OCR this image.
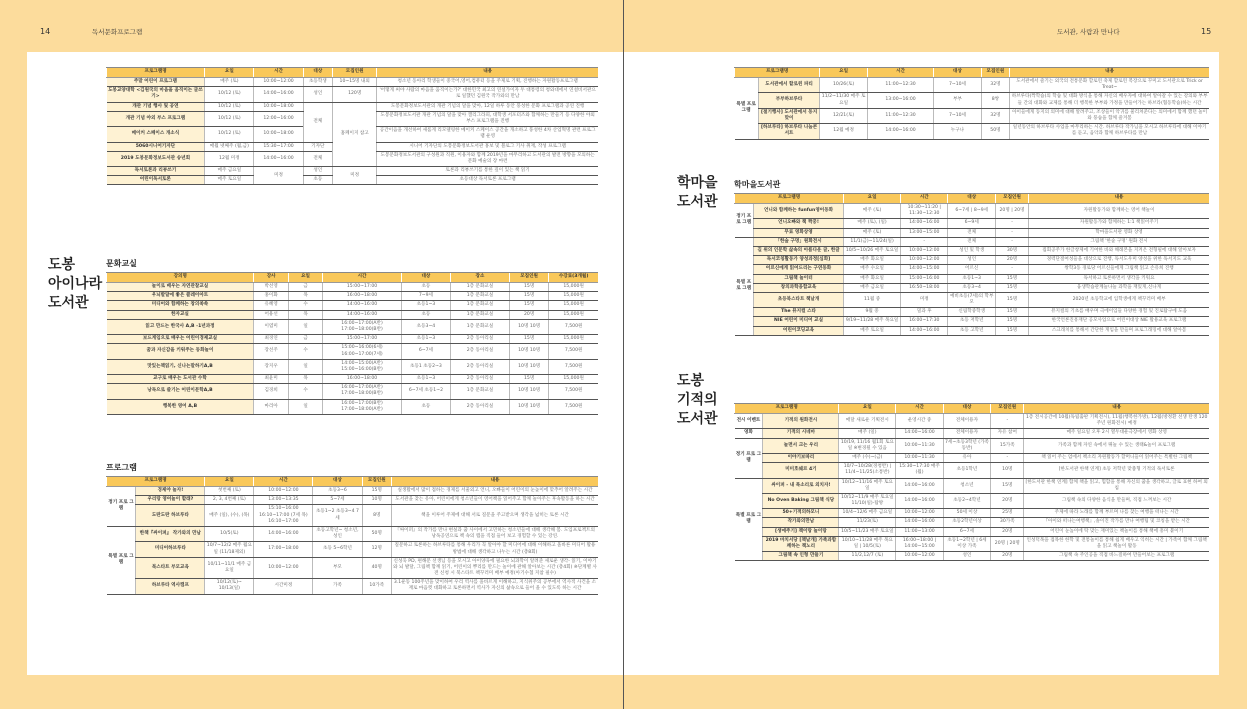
14	독서문화프로그램
프로그램명	요일	시간	대상	모집인원	내용
주말 어린이 프로그램	매주 (토)	10:00~12:00	초등학생	10~15명 내외	청소년 동아리 학생들이 중국어,영어,컴퓨터 등을 주제로 기획, 진행하는 자원활동프로그램
도봉교양대학 <김원국의 마음을 움직이는 글쓰기>	10/12 (토)	14:00~16:00	성인	120명	'어떻게 써야 사람의 마음을 움직이는가?' 대한민국 최고의 연설가이자 두 대통령의 청와대에서 연설비서관으로 일했던 김원국 작가와의 만남
개관 기념 행사 및 공연	10/12 (토)	10:00~18:00	전체	홈페이지 참고	도봉문화정보도서관의 개관 기념의 달을 맞아, 12일 하루 동안 풍성한 문화 프로그램과 공연 진행
개관 기념 야외 부스 프로그램	10/12 (토)	12:00~16:00			도봉문화정보도서관 개관 기념의 달을 맞아 캘리그라피, 대학생 서포터즈와 함께하는 만들기 등 다양한 야외 부스 프로그램을 진행
메이커 스페이스 개소식	10/12 (토)	10:00~18:00			공간이음을 개선하여 새롭게 리모델링한 메이커 스페이스 공간을 개소하고 풍성한 4차 산업혁명 관련 프로그램 운영
5060시니어기자단	매월 넷째주 (월,금)	15:30~17:00	기자단		시니어 기자단의 도봉문화정보도서관 홍보 및 블로그 기사 취재, 작성 프로그램
2019 도봉문화정보도서관 송년회	12월 미정	14:00~16:00	전체		도봉문화정보도서관의 구성원과 직원, 이용자와 함께 2019년을 마무리하고 도서관의 발전 방향을 모의하는 문화 예술의 장 마련
독서토론과 리뷰쓰기	매주 금요일	미정	성인	미정	토론과 리뷰쓰기를 통한 깊이 있는 책 읽기
어린이독서토론	매주 토요일		초등		초등대상 독서토론 프로그램
도봉
아이나라
도서관
문화교실
강의명	강사	요일	시간	대상	장소	모집인원	수강료(3개월)
놀이로 배우는 자연관찰교실	박선영	금	15:00~17:00	초등	1층 문화교실	15명	15,000원
우뇌발달에 좋은 클레이아트	홍이화	목	16:00~18:00	7~9세	1층 문화교실	15명	15,000원
미디어와 함께하는 창의쑥쑥	유혜영	수	14:00~16:00	초등1~3	1층 문화교실	15명	15,000원
한자교실	어용선	목	14:00~16:00	초등	1층 문화교실	20명	15,000원
읽고 만드는 한국사 A,B -1년과정	이엽미	일	16:00~17:00(A반) 17:00~18:00(B반)	초등3~4	1층 문화교실	10명 10명	7,500원
보드게임으로 배우는 어린이경제교실	최경연	금	15:00~17:00	초등1~3	2층 동아리실	15명	15,000원
꿈과 자신감을 키워주는 동화놀이	장선주	수	15:00~16:00(6세) 16:00~17:00(7세)	6~7세	2층 동아리실	10명 10명	7,500원
맛있는책읽기, 신나는말하기A,B	장지우	일	14:00~15:00(A반) 15:00~16:00(B반)	초등1 초등2~3	2층 동아리실	10명 10명	7,500원
교구로 배우는 도서관 수학	최윤미	목	16:00~18:00	초등1~3	2층 동아리실	15명	15,000원
낭독으로 즐기는 어린이문학A,B	김경희	수	16:00~17:00(A반) 17:00~18:00(B반)	6~7세 초등1~2	1층 문화교실	10명 10명	7,500원
행복한 영어 A,B	마리아	일	16:00~17:00(B반) 17:00~18:00(A반)	초등	2층 동아리실	10명 10명	7,500원
프로그램
프로그램명		요일	시간	대상	모집인원	내용
정기 프로 그램	경제야 놀자!	첫번째 (토)	10:00~12:00	초등3~6	15명	실생활에서 많이 접하는 경제를 서울외고 언니, 오빠들이 어린이의 눈높이에 맞추어 알려주는 시간
	우리랑 영어놀이 할래?	2, 3, 4번째 (토)	13:00~13:35	5~7세	10명	도서관을 찾는 유아, 어린이에게 청소년들이 영어책을 읽어주고 함께 놀아주는 후속활동을 하는 시간
	도란도란 하브루타	매주 (일), (수), (목)	15:10~16:00 16:10~17:00 (7세 목) 16:10~17:00	초등1~2 초등3~4 7세	8명	책을 이루어 주제에 대해 서로 질문을 주고받으며 생각을 넓히는 토론 시간
특별 프로 그램	한책『싸이퍼』 작가와의 만남	10/5(토)	14:00~16:00	초등고학년~ 청소년, 성인	50명	『싸이퍼』의 작가를 만나 현실과 꿈 사이에서 고민하는 청소년들에 대해 생각해 봄. 도입프로젝트의 낭독공연으로 책 속의 랩을 직접 들어 보고 경험할 수 있는 강연.
	미디어하브루타	10/7~12/2 매주 월요일 (11/18제외)	17:00~18:00	초등 5~6학년	12명	질문하고 토론하는 하브루타를 통해 우리가 꼭 알아야 할 미디어에 대해 이해하고 올바른 미디어 활용방법에 대해 생각하고 나누는 시간 (총8회)
	북스타트 부모교육	10/11~11/1 매주 금요일	10:00~12:00	부모	40명	신성욱 PD, 편해문 선생님 등을 모시고 아이양육에 필요한 뇌과학이 알려준 새로운 생각- 읽기, 이야기와 뇌 발달, 그림책 함께 읽기, 어린이의 뿌리를 만드는 놀이에 관해 알아보는 시간 (총4회) ※단계별 사전 신청 시 북스타트 책꾸러미 배부 예정(아기수첩 지참 필수)
	하브루타 역사캠프	10/12(토)~ 10/13(일)	시간미정	가족	10가족	3.1운동 100주년을 맞이하여 우리 역사를 올바르게 이해하고, 지식위주의 공부에서 역사적 사건을 소재로 마음껏 대화하고 토론하면서 역사가 자신의 삶속으로 들어 올 수 있도록 하는 시간
도서관, 사람과 만나다	15
프로그램명		요일	시간	대상	모집인원	내용
특별 프로 그램	도서관에서 할로윈 파티	10/26(토)	11:00~12:30	7~10세	32명	도서관에서 즐기는 외국의 전통문화 할로윈 축제 할로윈 복장으로 꾸미고 도서관으로 Trick or Treat~
	부부하브루타	11/2~11/30 매주 토요일	13:00~16:00	부부	8쌍	하브루타(짝학습)의 학습 및 대화 방식을 통해 자신의 배우자에 대하여 알아갈 수 있는 강의와 부부들 간의 대화와 교제를 통해 더 행복한 부부와 가정을 만들어가는 하브라(협동학습)하는 시간
	[절기행사] 도서관에서 동지맞이	12/21(토)	11:00~12:30	7~10세	32명	아이들에게 동지의 의미에 대해 알려주고, 조상들이 악귀를 물리쳐준다는 의미에서 함께 했던 놀이와 풍습을 함께 즐겨봄
	[하브루타] 하브루타 나눔콘서트	12월 예정	14:00~16:00	누구나	50명	일년동안의 하브루타 사업을 마무리하는 시간. 하브루타 작가님을 모시고 하브루타에 대해 이야기를 듣고, 음악과 함께 하브루타를 만남
학마을
도서관
학마을도서관
프로그램명		요일	시간	대상	모집인원	내용
정기 프로 그램	언니와 함께하는 funfun영어동화	매주 (토)	10:30~11:20 | 11:30~12:30	6~7세 | 8~9세	20명 | 20명	자원활동가와 함께하는 영어 책놀이
	언니오빠와 책 짝꿍!	매주 (토), (일)	14:00~16:00	6~9세	-	자원활동가와 함께하는 1:1 책읽어주기
	무료 영화상영	매주 (토)	13:00~15:00	전체	-	학마을도서관 영화 상영
특별 프로 그램	「한숲 구멍」원화전시	11/1(금)~11/24(일)	-	전체	-	그림책 '한숲 구멍' 원화 전시
	길 위의 인문학 삶속의 아름다운 글, 한글	10/5~10/26 매주 토요일	10:00~12:00	성인 및 학생	30명	집회공주가 한글창제에 기여한 바와 해례본을 지켜온 전형필에 대해 알아보자
	독서코칭활동가 양성과정[심화]	매주 화요일	10:00~12:00	성인	20명	경력단절여성들을 대상으로 진행, 독서도우미 양성을 위한 독서지도 교육
	어르신에게 읽어드리는 구연동화	매주 수요일	14:00~15:00	어르신	-	쌍학3동 경로당 어르신들에게 그림책 읽고 손유희 진행
	그림책 놀이터	매주 화요일	15:00~16:00	초등1~3	15명	독서하고 토론하면서 생각을 키워요
	창의과학융합교육	매주 금요일	16:50~18:00	초등3~4	15명	융생학습관계늘나늘 과학을 재밌게,신나게
	초등북스타트 책날개	11월 중	미정	예비초등(7세)의 학부모	15명	2020년 초등학교에 입학생에게 책꾸러미 배부
	The 뮤지컬 스타	9월 중	밀과 후	신림학중학생	15명	뮤지컬의 기초를 배우며 극에이입들 다양한 경험 및 진로탐구에 도움
	NIE 어린이 미디어 교실	9/19~11/28 매주 목요일	16:00~17:30	초등 저학년	15명	한국언론진흥재단 공모사업으로 어린이대상 NIE 활용교육 프로그램
	어린이코딩교육	매주 토요일	14:00~16:00	초등 고학년	15명	스크래치를 통해서 간단한 게임을 만들며 프로그래밍에 대해 알아봄
도봉
기적의
도서관
프로그램명		요일	시간	대상	모집인원	내용
전시 이벤트	기적의 원화전시	매달 새로운 기획전시	운영시간 중	전체이용자	-	1층 전시공간에 10월(독립출판 기획전시), 11월(행복한가방), 12월(방정환 선생 탄생 120주년 원화전시) 예정
영화	기적의 시네마	매주 (일)	14:00~16:00	전체이용자	자유 참여	매주 일요일 오후 2시 열두대운극장에서 영화 상영
정기 프로 그램	놀면서 크는 우리	10/19, 11/16 월1회 토요일 ※변경될 수 있음	10:00~11:30	7세~초등3학년 (가족동반)	15가족	가족과 함께 자연 속에서 뛰놀 수 있는 생태&놀이 프로그램
	이야기보따리	매주 (수)~(금)	10:00~11:30	유아	-	책 읽어 주는 엄에서 책소리 자원활동가 할머니들이 읽어주는 특별한 그림책
	미미호쉐르 4기	10/7~10/28(경청반) | 11/4~11/25(소통반)	15:30~17:30 매주 (월)	초등1학년	10명	[한도서관 한책 연계] 초등 저학년 맞춤형 기적의 독서토론
특별 프로 그램	싸이퍼 - 내 목소리로 외치자!	10/12~11/16 매주 토요일	14:00~16:00	청소년	15명	[한도서관 한책 연계] 함께 책을 읽고, 힙합을 통해 자신의 꿈을 생각하고, 글로 표현 하여 외침
	No Oven Baking 그림책 식당	10/12~11/9 매주 토요일 11/10(일)-탐방	14:00~16:00	초등2~4학년	20명	그림책 속의 다양한 음식을 만들며, 직접 느껴보는 시간
	50+기적의하모니	10/4~12/6 매주 금요일	10:00~12:00	50세 이상	25명	주제에 따라 노래를 함께 부르며 나를 찾는 여행을 떠나는 시간
	작가와의만남	11/23(토)	14:00~16:00	초등2학년이상	30가족	『아이와 떠나는여행책』,솔이진 작가를 만나 여행팁 및 코칭을 받는 시간
	[생애주기] 책이랑 놀이랑	10/5~11/23 매주 토요일	11:00~13:00	6~7세	20명	어린이 눈높이에 딱 맞는 재미있는 책놀이를 통해 책에 흥미 붙이기
	2019 마치서당 [책날개] 가족과함께하는 책노리	10/10~11/28 매주 목요일 | 10/5(토)	16:00~18:00 | 14:00~15:00	초등1~2학년 | 6세 이상 가족	20명 | 20명	인성덕목을 접목한 한학 및 전통놀이를 통해 쉽게 배우고 익히는 시간 | 가족이 함께 그림책을 읽고 책놀이 활동
	그림책 속 인형 만들기	11/2,12/7 (토)	10:00~12:00	성인	20명	그림책 속 주인공을 직접 바느질하여 만들어보는 프로그램
